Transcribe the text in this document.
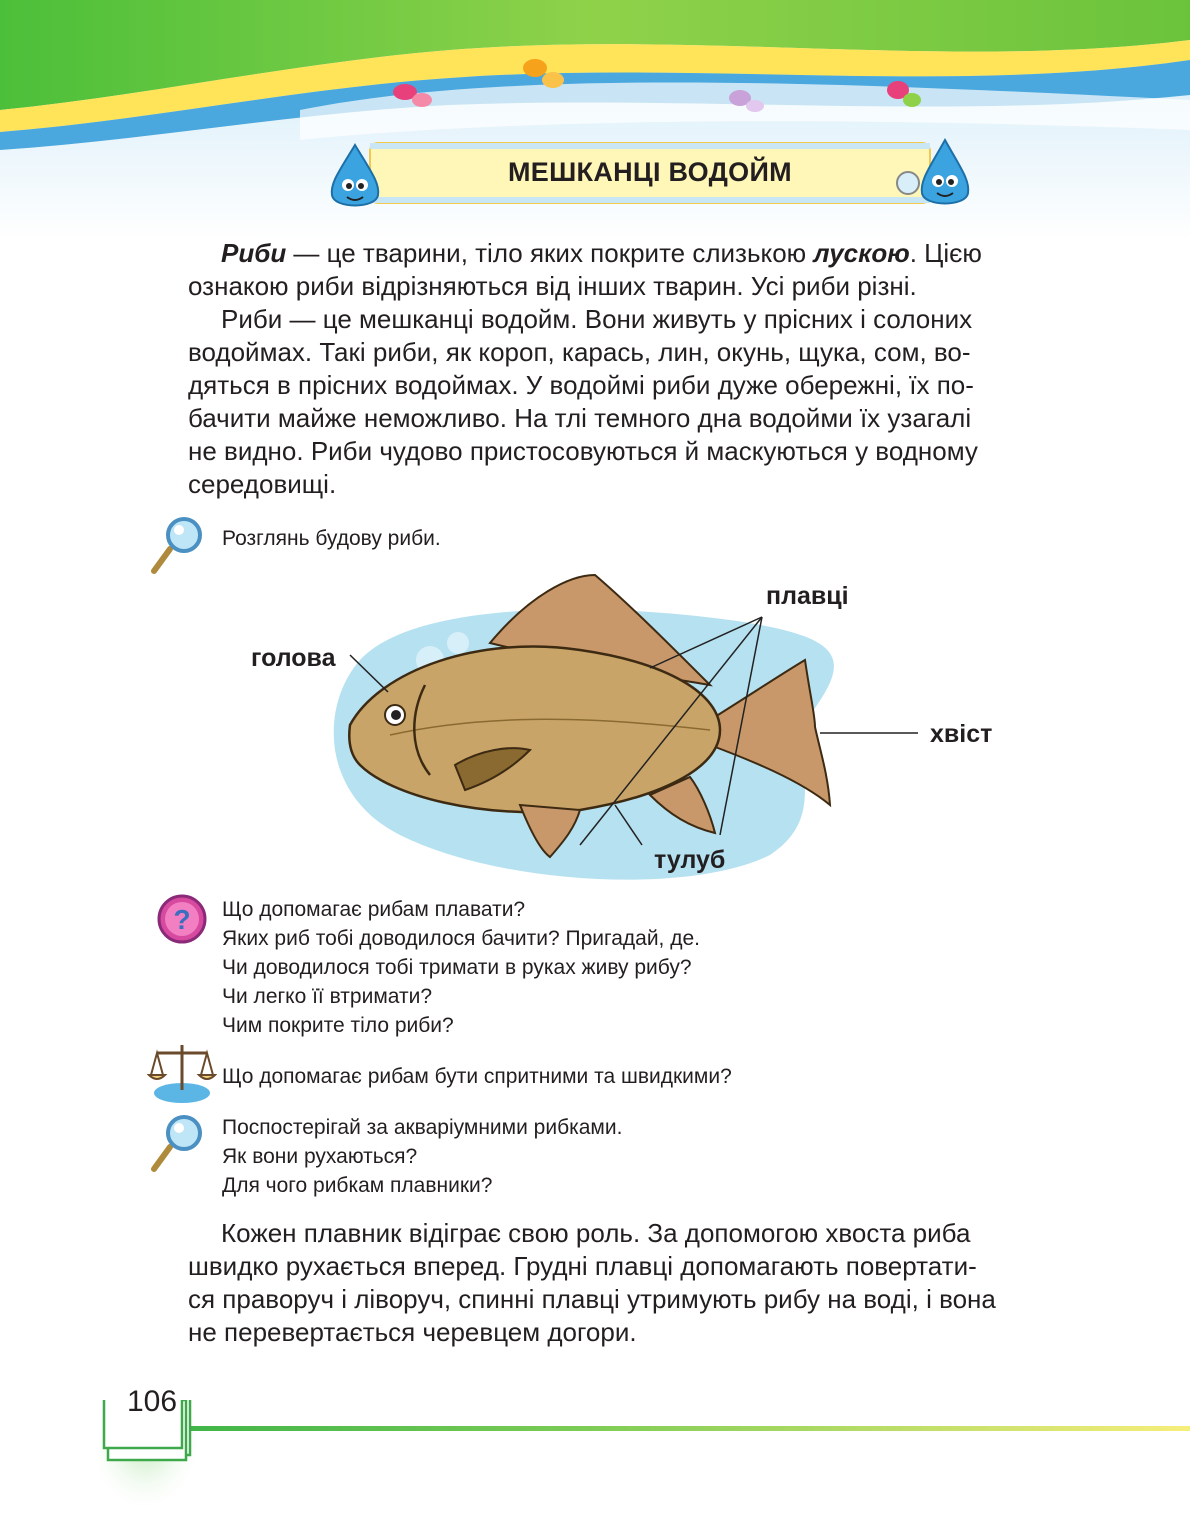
МЕШКАНЦІ ВОДОЙМ
Риби — це тварини, тіло яких покрите слизькою лускою. Цією
ознакою риби відрізняються від інших тварин. Усі риби різні.
Риби — це мешканці водойм. Вони живуть у прісних і солоних
водоймах. Такі риби, як короп, карась, лин, окунь, щука, сом, во-
дяться в прісних водоймах. У водоймі риби дуже обережні, їх по-
бачити майже неможливо. На тлі темного дна водойми їх узагалі
не видно. Риби чудово пристосовуються й маскуються у водному
середовищі.
Розглянь будову риби.
плавці
голова
хвіст
тулуб
? Що допомагає рибам плавати?
Яких риб тобі доводилося бачити? Пригадай, де.
Чи доводилося тобі тримати в руках живу рибу?
Чи легко її втримати?
Чим покрите тіло риби?
Що допомагає рибам бути спритними та швидкими?
Поспостерігай за акваріумними рибками.
Як вони рухаються?
Для чого рибкам плавники?
Кожен плавник відіграє свою роль. За допомогою хвоста риба
швидко рухається вперед. Грудні плавці допомагають повертати-
ся праворуч і ліворуч, спинні плавці утримують рибу на воді, і вона
не перевертається черевцем догори.
106
